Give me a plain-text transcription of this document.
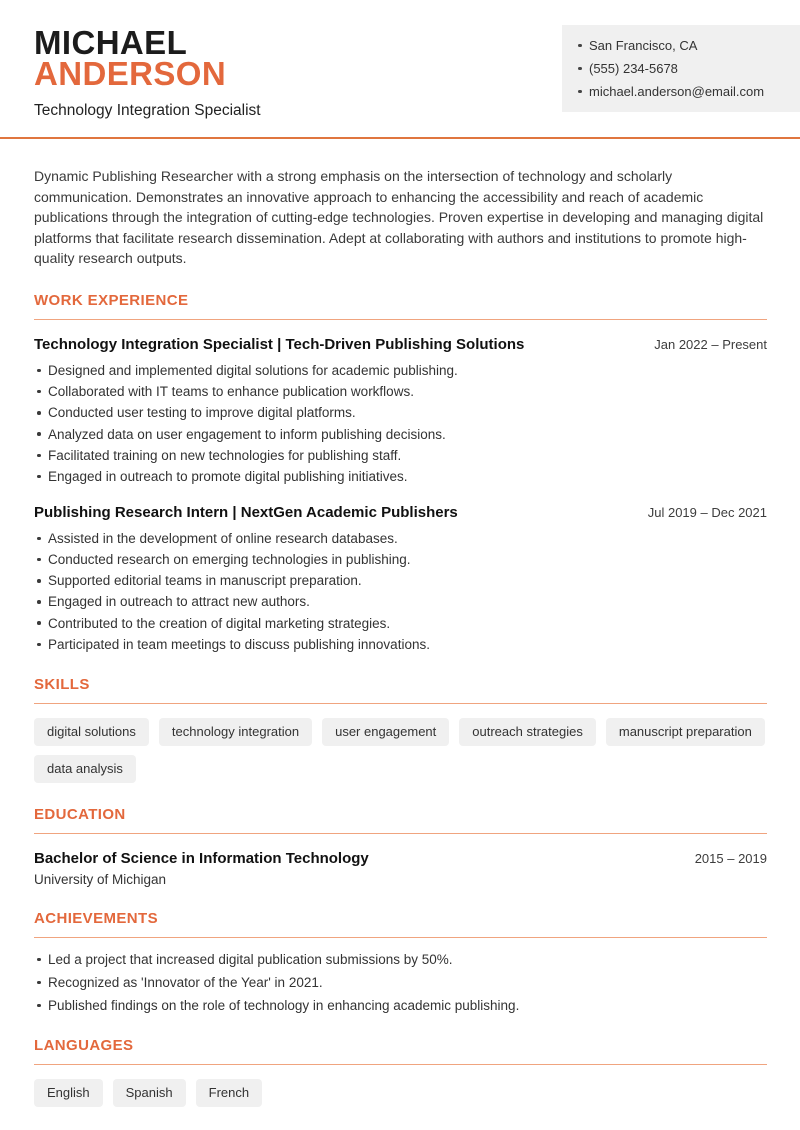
MICHAEL
ANDERSON
Technology Integration Specialist
San Francisco, CA
(555) 234-5678
michael.anderson@email.com

Dynamic Publishing Researcher with a strong emphasis on the intersection of technology and scholarly communication. Demonstrates an innovative approach to enhancing the accessibility and reach of academic publications through the integration of cutting-edge technologies. Proven expertise in developing and managing digital platforms that facilitate research dissemination. Adept at collaborating with authors and institutions to promote high-quality research outputs.

WORK EXPERIENCE
Technology Integration Specialist | Tech-Driven Publishing Solutions	Jan 2022 – Present
Designed and implemented digital solutions for academic publishing.
Collaborated with IT teams to enhance publication workflows.
Conducted user testing to improve digital platforms.
Analyzed data on user engagement to inform publishing decisions.
Facilitated training on new technologies for publishing staff.
Engaged in outreach to promote digital publishing initiatives.
Publishing Research Intern | NextGen Academic Publishers	Jul 2019 – Dec 2021
Assisted in the development of online research databases.
Conducted research on emerging technologies in publishing.
Supported editorial teams in manuscript preparation.
Engaged in outreach to attract new authors.
Contributed to the creation of digital marketing strategies.
Participated in team meetings to discuss publishing innovations.
SKILLS
digital solutions	technology integration	user engagement	outreach strategies	manuscript preparation
data analysis
EDUCATION
Bachelor of Science in Information Technology	2015 – 2019
University of Michigan
ACHIEVEMENTS
Led a project that increased digital publication submissions by 50%.
Recognized as 'Innovator of the Year' in 2021.
Published findings on the role of technology in enhancing academic publishing.
LANGUAGES
English	Spanish	French
